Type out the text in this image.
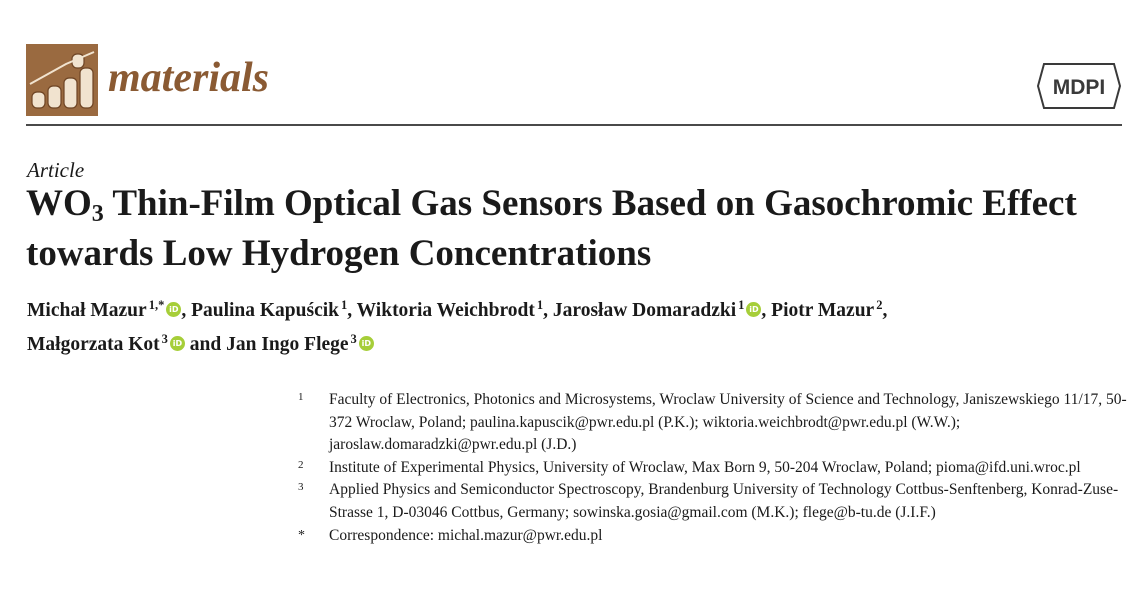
materials	MDPI
Article
$WO_3$ Thin-Film Optical Gas Sensors Based on Gasochromic Effect towards Low Hydrogen Concentrations
Michał Mazur $^{1,*}$ iD , Paulina Kapuścik $^1$, Wiktoria Weichbrodt $^1$, Jarosław Domaradzki $^1$ iD , Piotr Mazur $^2$,
Małgorzata Kot $^3$ iD and Jan Ingo Flege $^3$ iD
1 Faculty of Electronics, Photonics and Microsystems, Wroclaw University of Science and Technology, Janiszewskiego 11/17, 50-372 Wroclaw, Poland; paulina.kapuscik@pwr.edu.pl (P.K.); wiktoria.weichbrodt@pwr.edu.pl (W.W.); jaroslaw.domaradzki@pwr.edu.pl (J.D.)
2 Institute of Experimental Physics, University of Wroclaw, Max Born 9, 50-204 Wroclaw, Poland; pioma@ifd.uni.wroc.pl
3 Applied Physics and Semiconductor Spectroscopy, Brandenburg University of Technology Cottbus-Senftenberg, Konrad-Zuse-Strasse 1, D-03046 Cottbus, Germany; sowinska.gosia@gmail.com (M.K.); flege@b-tu.de (J.I.F.)
* Correspondence: michal.mazur@pwr.edu.pl
